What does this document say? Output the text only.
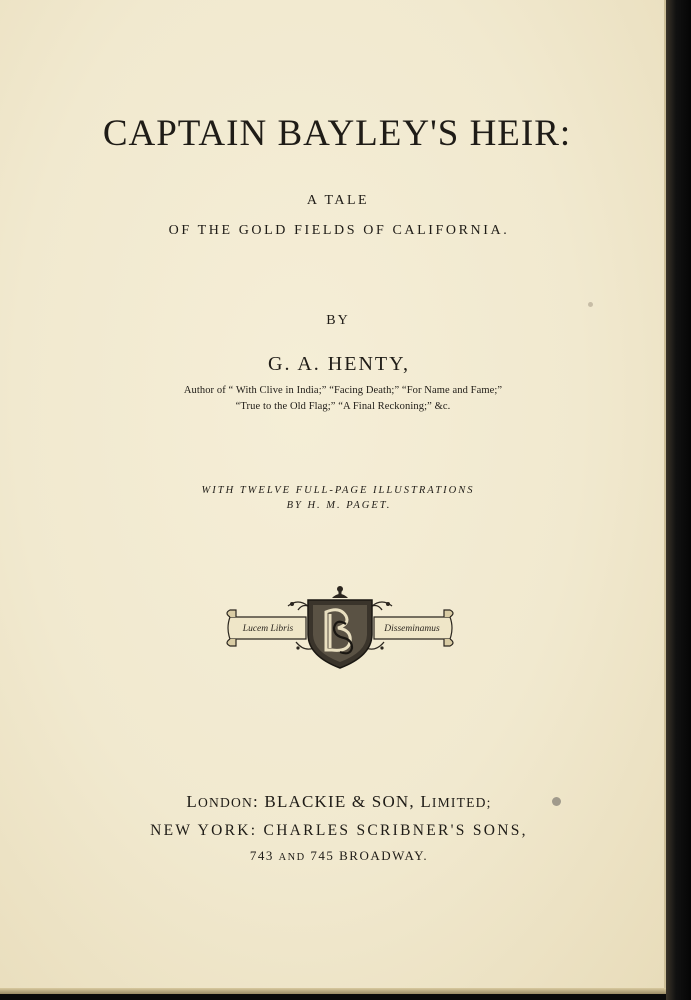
CAPTAIN BAYLEY'S HEIR:

A TALE

OF THE GOLD FIELDS OF CALIFORNIA.

BY

G. A. HENTY,

Author of “ With Clive in India;” “Facing Death;” “For Name and Fame;”

“True to the Old Flag;” “A Final Reckoning;” &c.

WITH TWELVE FULL-PAGE ILLUSTRATIONS

BY H. M. PAGET.

Lucem Libris	Disseminamus

LONDON: BLACKIE & SON, LIMITED;

NEW YORK: CHARLES SCRIBNER'S SONS,

743 AND 745 BROADWAY.
